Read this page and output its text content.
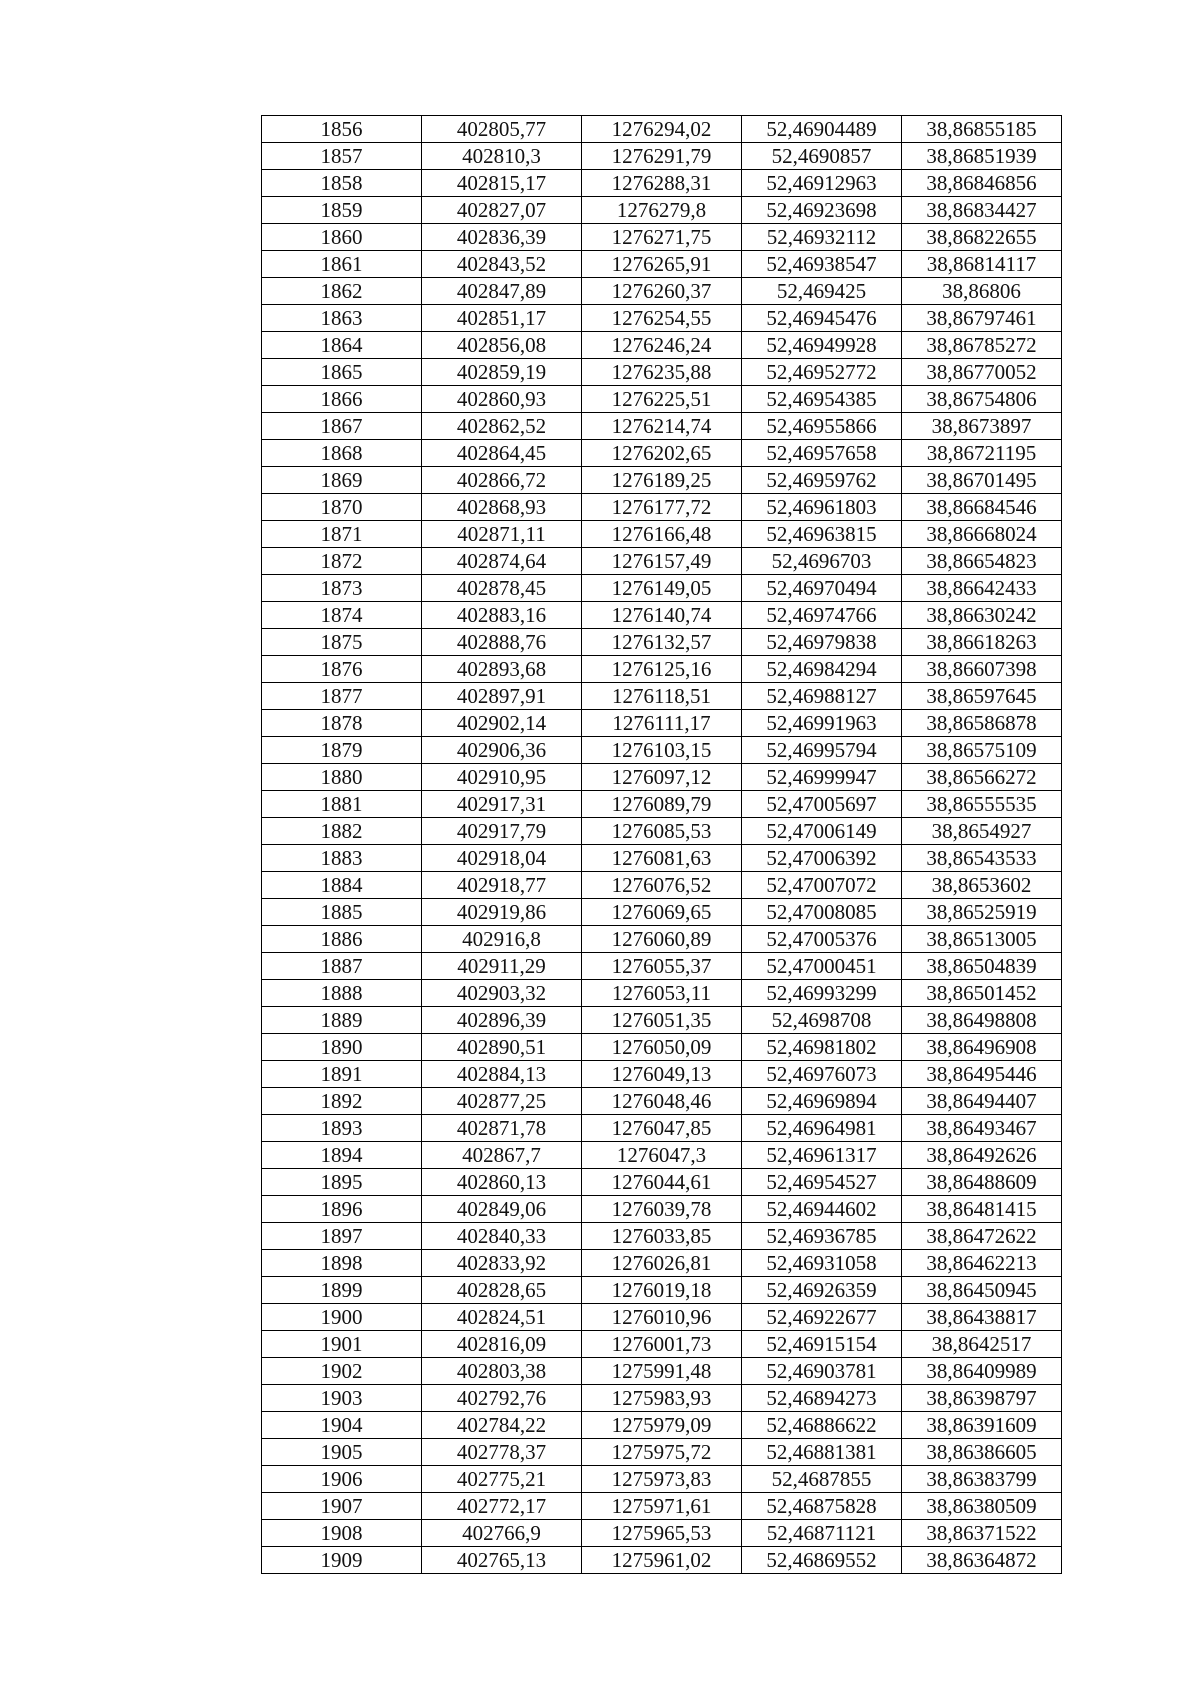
1856	402805,77	1276294,02	52,46904489	38,86855185
1857	402810,3	1276291,79	52,4690857	38,86851939
1858	402815,17	1276288,31	52,46912963	38,86846856
1859	402827,07	1276279,8	52,46923698	38,86834427
1860	402836,39	1276271,75	52,46932112	38,86822655
1861	402843,52	1276265,91	52,46938547	38,86814117
1862	402847,89	1276260,37	52,469425	38,86806
1863	402851,17	1276254,55	52,46945476	38,86797461
1864	402856,08	1276246,24	52,46949928	38,86785272
1865	402859,19	1276235,88	52,46952772	38,86770052
1866	402860,93	1276225,51	52,46954385	38,86754806
1867	402862,52	1276214,74	52,46955866	38,8673897
1868	402864,45	1276202,65	52,46957658	38,86721195
1869	402866,72	1276189,25	52,46959762	38,86701495
1870	402868,93	1276177,72	52,46961803	38,86684546
1871	402871,11	1276166,48	52,46963815	38,86668024
1872	402874,64	1276157,49	52,4696703	38,86654823
1873	402878,45	1276149,05	52,46970494	38,86642433
1874	402883,16	1276140,74	52,46974766	38,86630242
1875	402888,76	1276132,57	52,46979838	38,86618263
1876	402893,68	1276125,16	52,46984294	38,86607398
1877	402897,91	1276118,51	52,46988127	38,86597645
1878	402902,14	1276111,17	52,46991963	38,86586878
1879	402906,36	1276103,15	52,46995794	38,86575109
1880	402910,95	1276097,12	52,46999947	38,86566272
1881	402917,31	1276089,79	52,47005697	38,86555535
1882	402917,79	1276085,53	52,47006149	38,8654927
1883	402918,04	1276081,63	52,47006392	38,86543533
1884	402918,77	1276076,52	52,47007072	38,8653602
1885	402919,86	1276069,65	52,47008085	38,86525919
1886	402916,8	1276060,89	52,47005376	38,86513005
1887	402911,29	1276055,37	52,47000451	38,86504839
1888	402903,32	1276053,11	52,46993299	38,86501452
1889	402896,39	1276051,35	52,4698708	38,86498808
1890	402890,51	1276050,09	52,46981802	38,86496908
1891	402884,13	1276049,13	52,46976073	38,86495446
1892	402877,25	1276048,46	52,46969894	38,86494407
1893	402871,78	1276047,85	52,46964981	38,86493467
1894	402867,7	1276047,3	52,46961317	38,86492626
1895	402860,13	1276044,61	52,46954527	38,86488609
1896	402849,06	1276039,78	52,46944602	38,86481415
1897	402840,33	1276033,85	52,46936785	38,86472622
1898	402833,92	1276026,81	52,46931058	38,86462213
1899	402828,65	1276019,18	52,46926359	38,86450945
1900	402824,51	1276010,96	52,46922677	38,86438817
1901	402816,09	1276001,73	52,46915154	38,8642517
1902	402803,38	1275991,48	52,46903781	38,86409989
1903	402792,76	1275983,93	52,46894273	38,86398797
1904	402784,22	1275979,09	52,46886622	38,86391609
1905	402778,37	1275975,72	52,46881381	38,86386605
1906	402775,21	1275973,83	52,4687855	38,86383799
1907	402772,17	1275971,61	52,46875828	38,86380509
1908	402766,9	1275965,53	52,46871121	38,86371522
1909	402765,13	1275961,02	52,46869552	38,86364872
